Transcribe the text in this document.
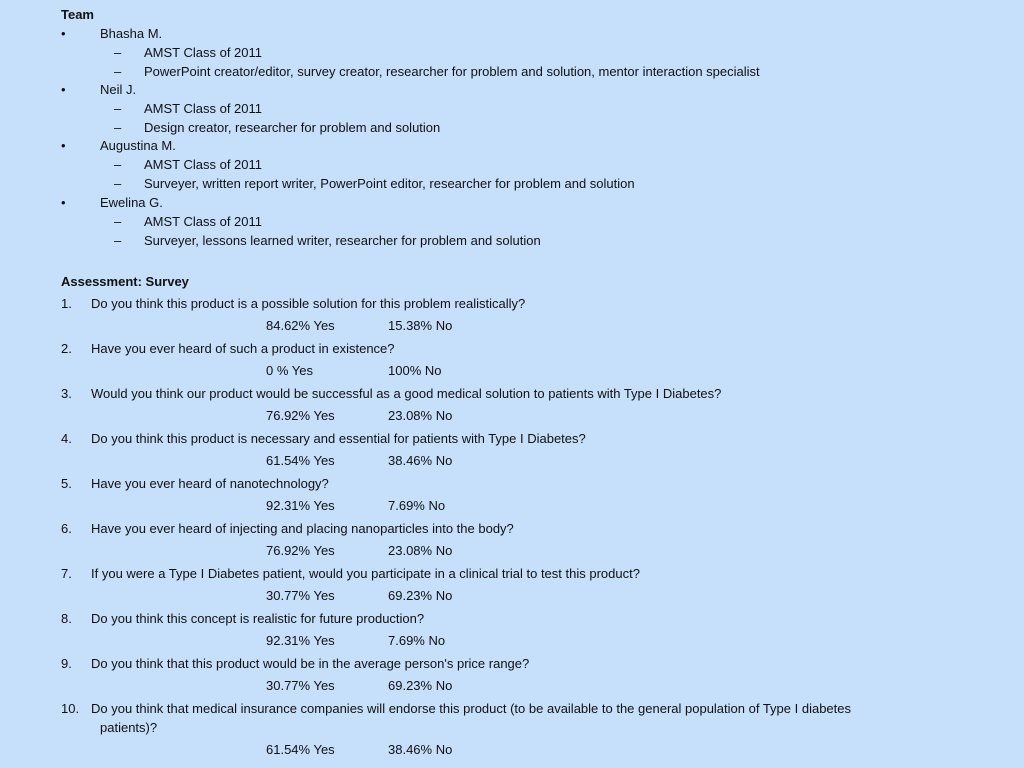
Team
•	Bhasha M.
– AMST Class of 2011
– PowerPoint creator/editor, survey creator, researcher for problem and solution, mentor interaction specialist
•	Neil J.
– AMST Class of 2011
– Design creator, researcher for problem and solution
•	Augustina M.
– AMST Class of 2011
– Surveyer, written report writer, PowerPoint editor, researcher for problem and solution
•	Ewelina G.
– AMST Class of 2011
– Surveyer, lessons learned writer, researcher for problem and solution
Assessment: Survey
1. Do you think this product is a possible solution for this problem realistically?
84.62% Yes	15.38% No
2. Have you ever heard of such a product in existence?
0 % Yes	100% No
3. Would you think our product would be successful as a good medical solution to patients with Type I Diabetes?
76.92% Yes	23.08% No
4. Do you think this product is necessary and essential for patients with Type I Diabetes?
61.54% Yes	38.46% No
5. Have you ever heard of nanotechnology?
92.31% Yes	7.69% No
6. Have you ever heard of injecting and placing nanoparticles into the body?
76.92% Yes	23.08% No
7. If you were a Type I Diabetes patient, would you participate in a clinical trial to test this product?
30.77% Yes	69.23% No
8. Do you think this concept is realistic for future production?
92.31% Yes	7.69% No
9. Do you think that this product would be in the average person's price range?
30.77% Yes	69.23% No
10. Do you think that medical insurance companies will endorse this product (to be available to the general population of Type I diabetes
patients)?
61.54% Yes	38.46% No
